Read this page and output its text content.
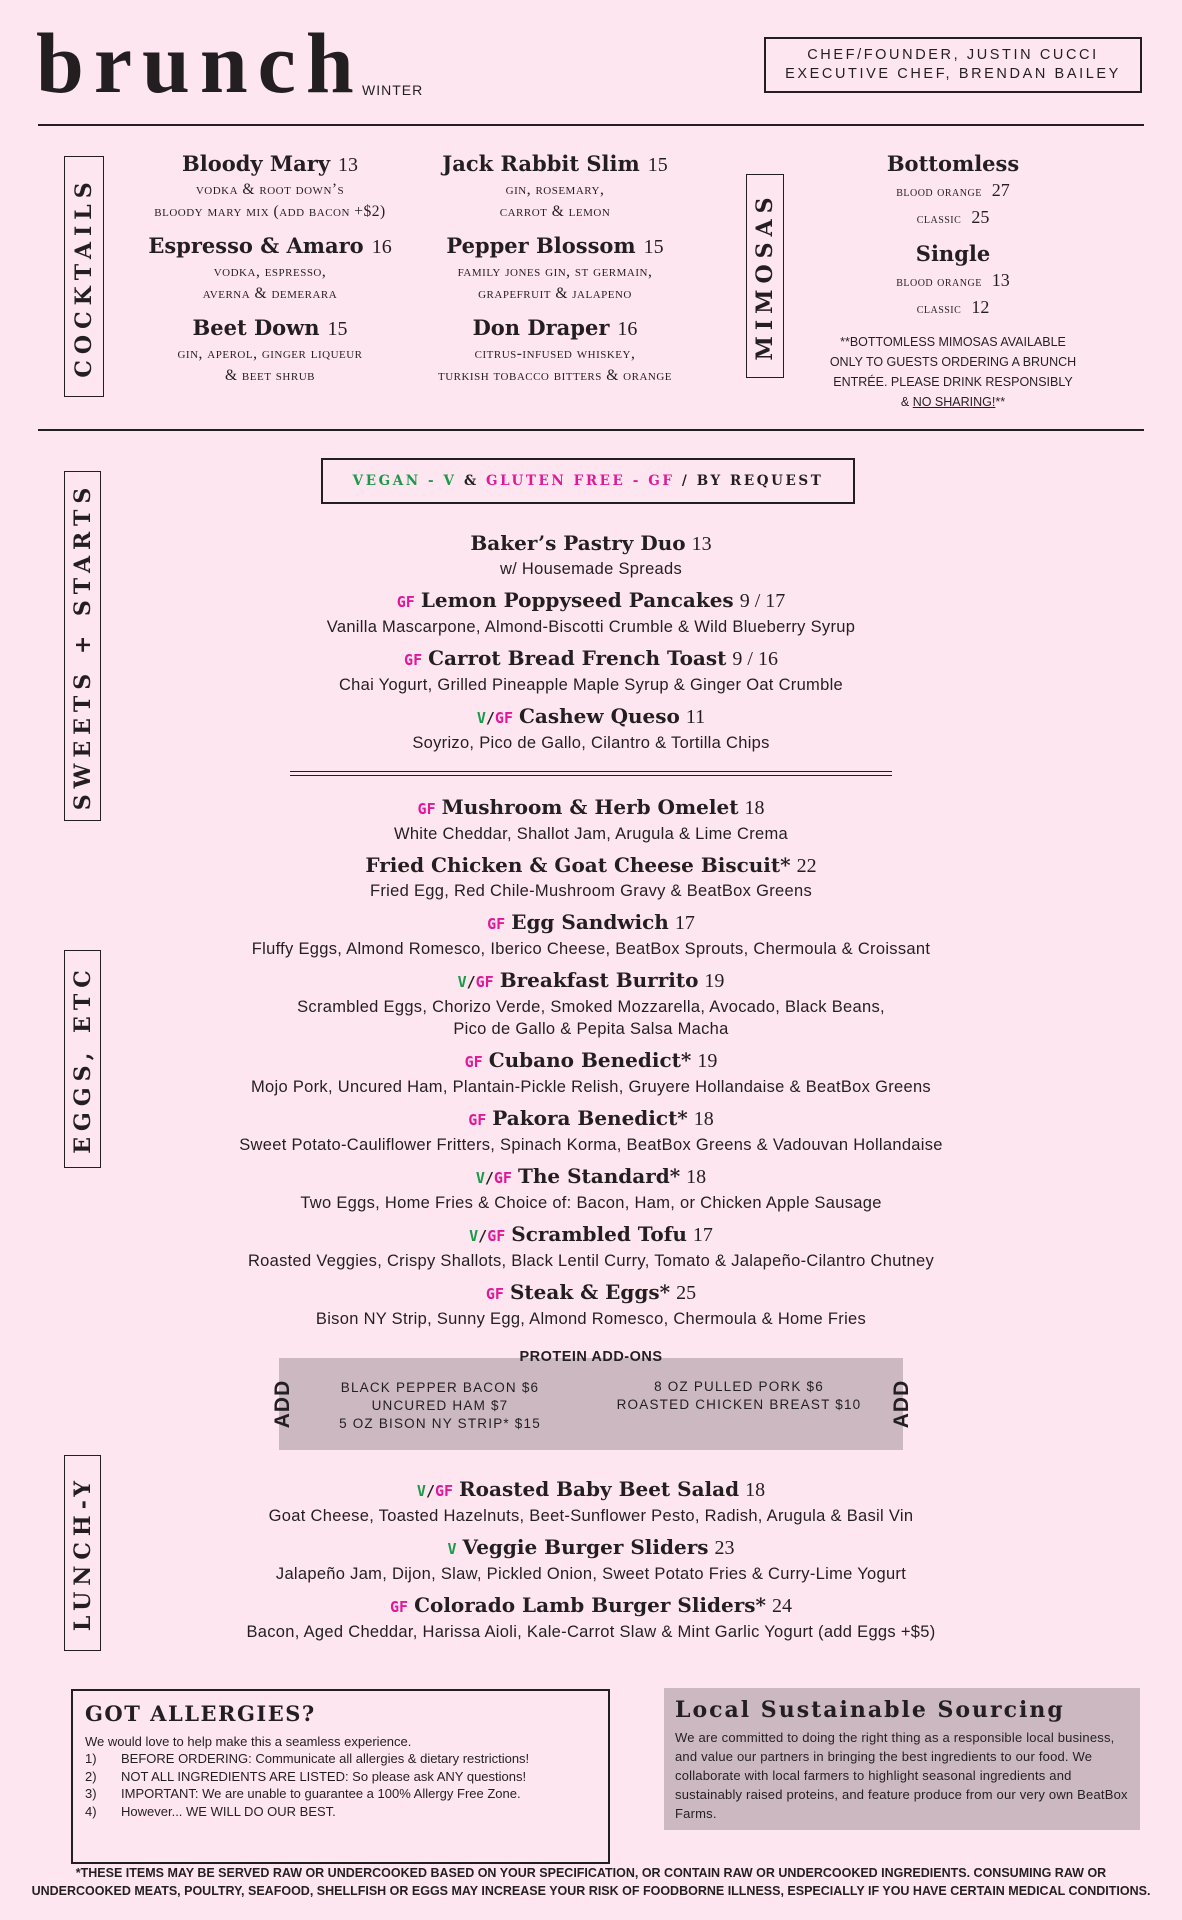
brunch
WINTER
CHEF/FOUNDER, JUSTIN CUCCI
EXECUTIVE CHEF, BRENDAN BAILEY
COCKTAILS
Bloody Mary 13
vodka & root down’s
bloody mary mix (add bacon +$2)
Espresso & Amaro 16
vodka, espresso,
averna & demerara
Beet Down 15
gin, aperol, ginger liqueur
& beet shrub
Jack Rabbit Slim 15
gin, rosemary,
carrot & lemon
Pepper Blossom 15
family jones gin, st germain,
grapefruit & jalapeno
Don Draper 16
citrus-infused whiskey,
turkish tobacco bitters & orange
MIMOSAS
Bottomless
blood orange 27
classic 25
Single
blood orange 13
classic 12
**BOTTOMLESS MIMOSAS AVAILABLE
ONLY TO GUESTS ORDERING A BRUNCH
ENTRÉE. PLEASE DRINK RESPONSIBLY
& NO SHARING!**
SWEETS + STARTS
VEGAN - V & GLUTEN FREE - GF / BY REQUEST
Baker’s Pastry Duo 13
w/ Housemade Spreads
GF Lemon Poppyseed Pancakes 9 / 17
Vanilla Mascarpone, Almond-Biscotti Crumble & Wild Blueberry Syrup
GF Carrot Bread French Toast 9 / 16
Chai Yogurt, Grilled Pineapple Maple Syrup & Ginger Oat Crumble
V/GF Cashew Queso 11
Soyrizo, Pico de Gallo, Cilantro & Tortilla Chips
EGGS, ETC
GF Mushroom & Herb Omelet 18
White Cheddar, Shallot Jam, Arugula & Lime Crema
Fried Chicken & Goat Cheese Biscuit* 22
Fried Egg, Red Chile-Mushroom Gravy & BeatBox Greens
GF Egg Sandwich 17
Fluffy Eggs, Almond Romesco, Iberico Cheese, BeatBox Sprouts, Chermoula & Croissant
V/GF Breakfast Burrito 19
Scrambled Eggs, Chorizo Verde, Smoked Mozzarella, Avocado, Black Beans,
Pico de Gallo & Pepita Salsa Macha
GF Cubano Benedict* 19
Mojo Pork, Uncured Ham, Plantain-Pickle Relish, Gruyere Hollandaise & BeatBox Greens
GF Pakora Benedict* 18
Sweet Potato-Cauliflower Fritters, Spinach Korma, BeatBox Greens & Vadouvan Hollandaise
V/GF The Standard* 18
Two Eggs, Home Fries & Choice of: Bacon, Ham, or Chicken Apple Sausage
V/GF Scrambled Tofu 17
Roasted Veggies, Crispy Shallots, Black Lentil Curry, Tomato & Jalapeño-Cilantro Chutney
GF Steak & Eggs* 25
Bison NY Strip, Sunny Egg, Almond Romesco, Chermoula & Home Fries
PROTEIN ADD-ONS
ADD	ADD
BLACK PEPPER BACON $6
UNCURED HAM $7
5 OZ BISON NY STRIP* $15
8 OZ PULLED PORK $6
ROASTED CHICKEN BREAST $10
LUNCH-Y	V/GF Roasted Baby Beet Salad 18
Goat Cheese, Toasted Hazelnuts, Beet-Sunflower Pesto, Radish, Arugula & Basil Vin
V Veggie Burger Sliders 23
Jalapeño Jam, Dijon, Slaw, Pickled Onion, Sweet Potato Fries & Curry-Lime Yogurt
GF Colorado Lamb Burger Sliders* 24
Bacon, Aged Cheddar, Harissa Aioli, Kale-Carrot Slaw & Mint Garlic Yogurt (add Eggs +$5)
GOT ALLERGIES?
We would love to help make this a seamless experience.
1) BEFORE ORDERING: Communicate all allergies & dietary restrictions!
2) NOT ALL INGREDIENTS ARE LISTED: So please ask ANY questions!
3) IMPORTANT: We are unable to guarantee a 100% Allergy Free Zone.
4) However... WE WILL DO OUR BEST.
Local Sustainable Sourcing

We are committed to doing the right thing as a responsible local business, and value our partners in bringing the best ingredients to our food. We collaborate with local farmers to highlight seasonal ingredients and sustainably raised proteins, and feature produce from our very own BeatBox Farms.

*THESE ITEMS MAY BE SERVED RAW OR UNDERCOOKED BASED ON YOUR SPECIFICATION, OR CONTAIN RAW OR UNDERCOOKED INGREDIENTS. CONSUMING RAW OR
UNDERCOOKED MEATS, POULTRY, SEAFOOD, SHELLFISH OR EGGS MAY INCREASE YOUR RISK OF FOODBORNE ILLNESS, ESPECIALLY IF YOU HAVE CERTAIN MEDICAL CONDITIONS.
